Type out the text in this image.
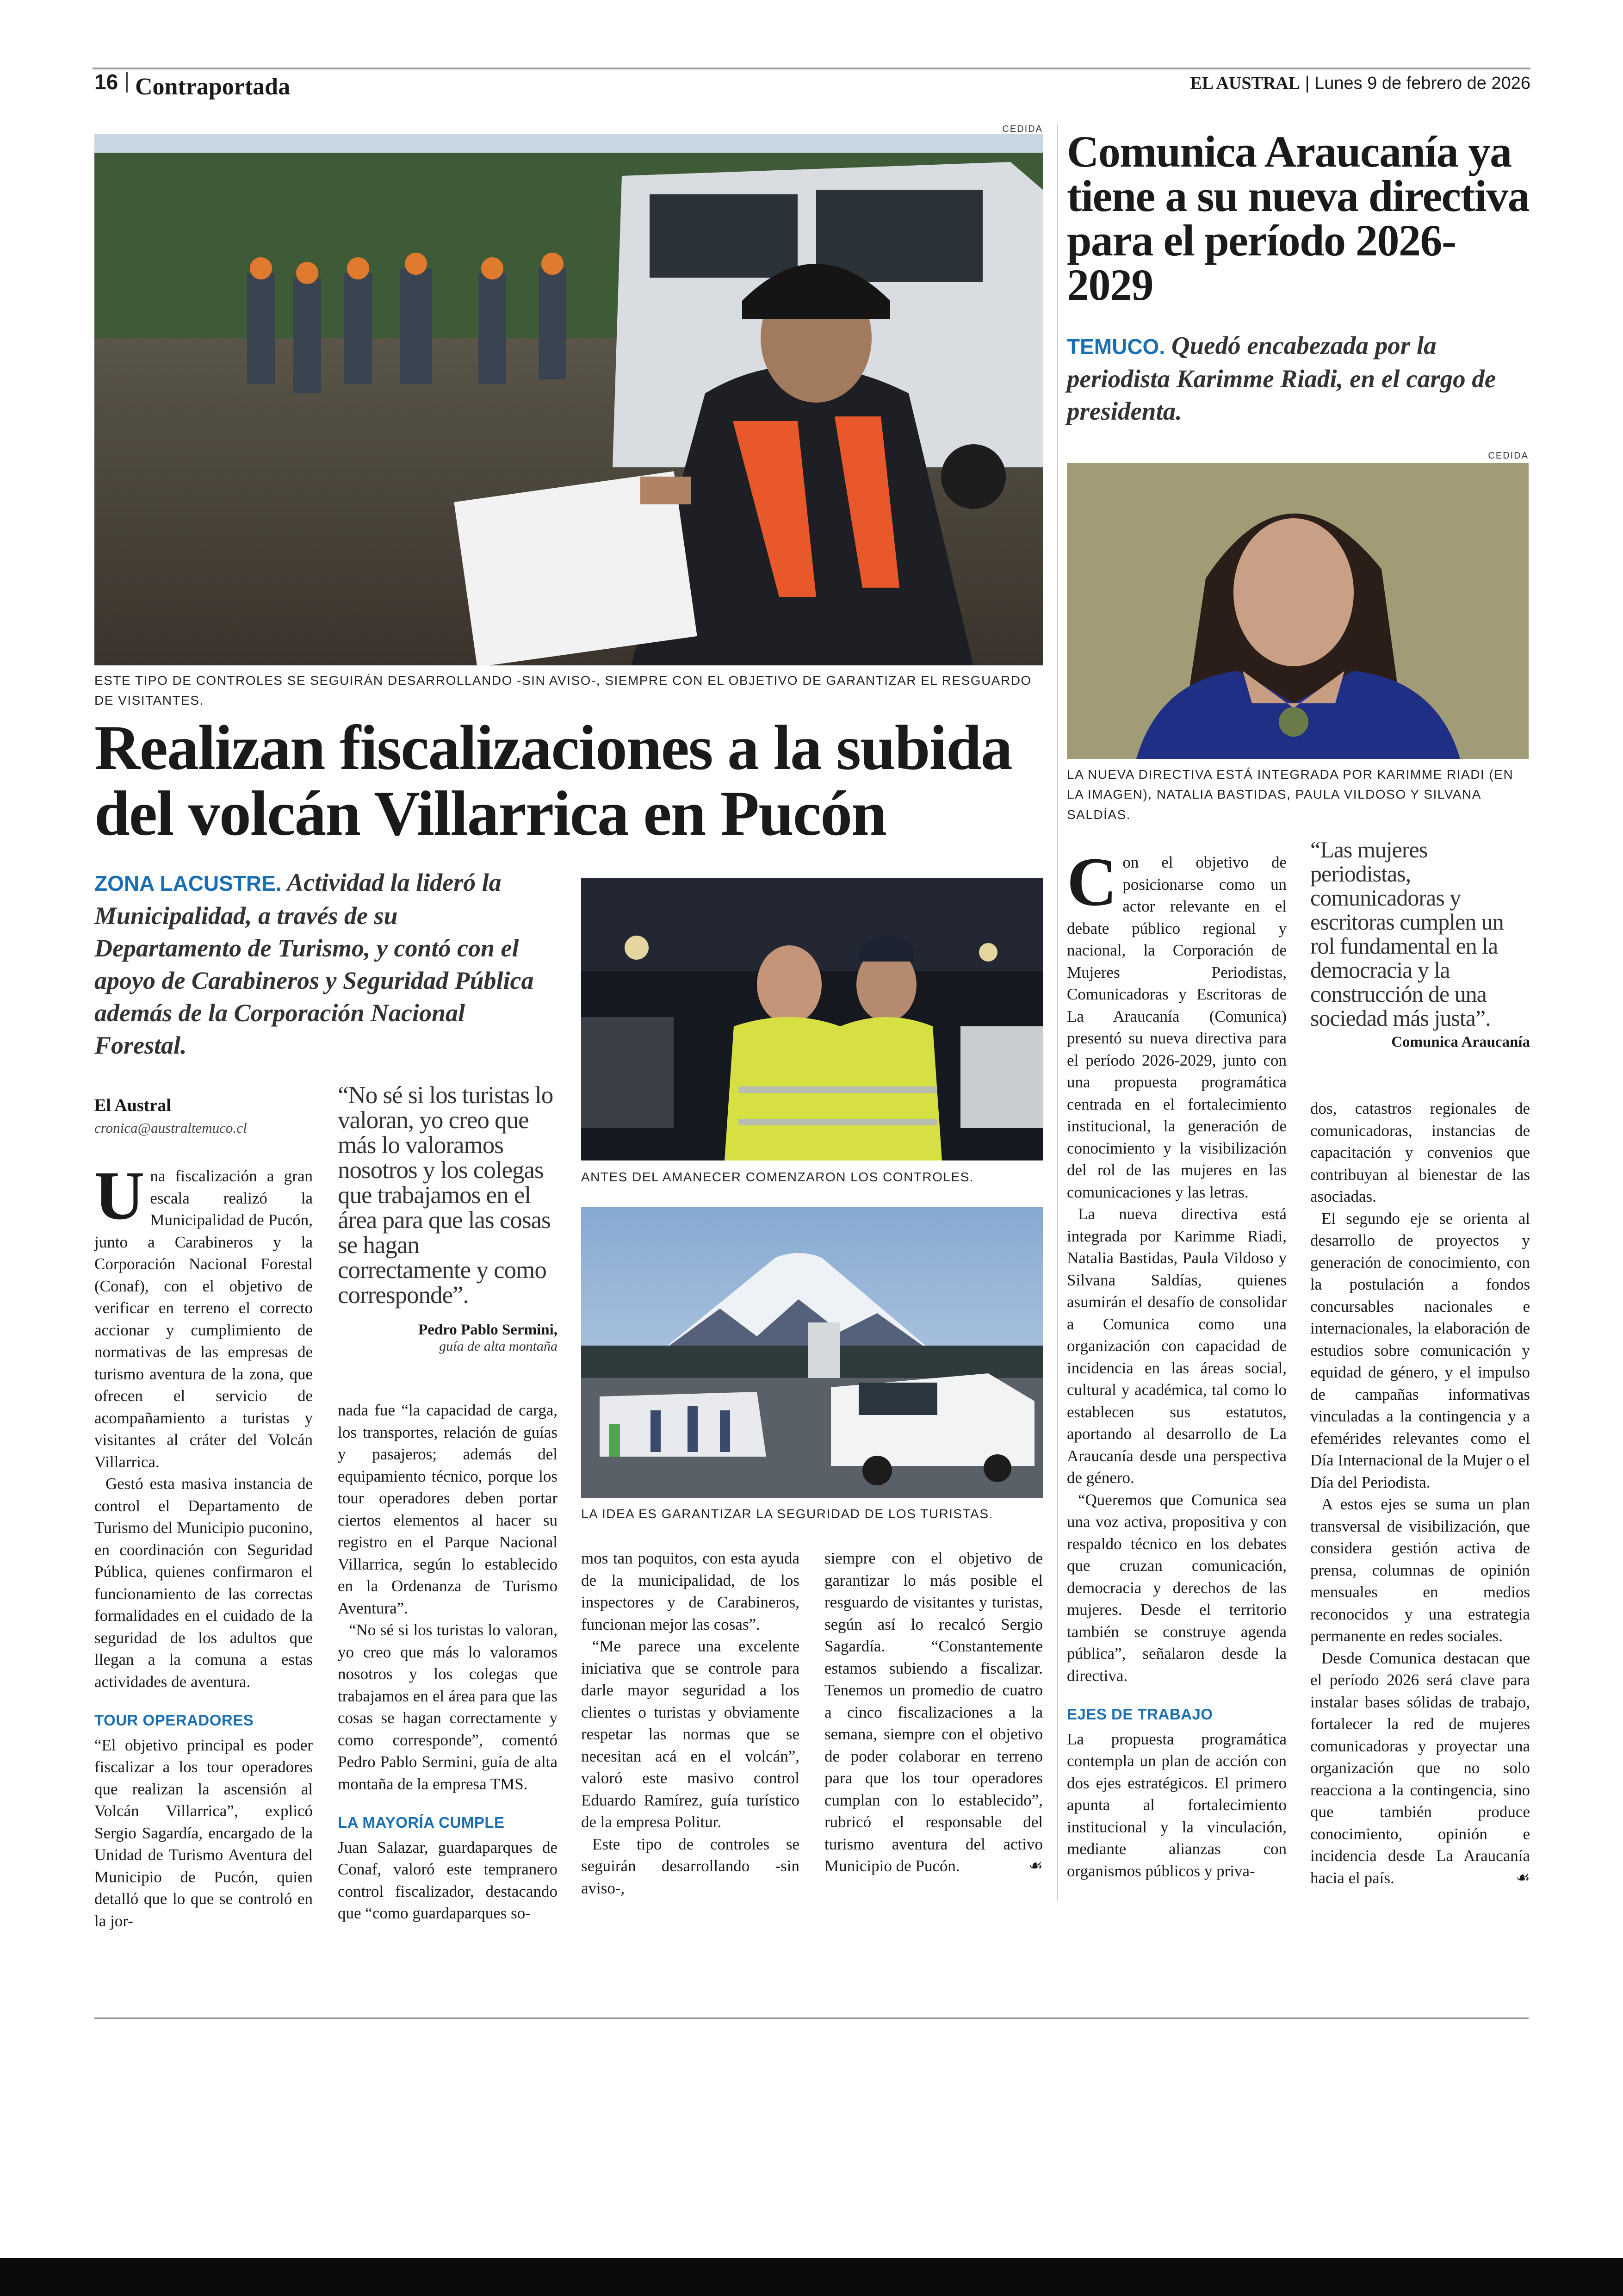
16 Contraportada	EL AUSTRAL | Lunes 9 de febrero de 2026
CEDIDA
ESTE TIPO DE CONTROLES SE SEGUIRÁN DESARROLLANDO -SIN AVISO-, SIEMPRE CON EL OBJETIVO DE GARANTIZAR EL RESGUARDO DE VISITANTES.
Realizan fiscalizaciones a la subida del volcán Villarrica en Pucón
ZONA LACUSTRE. Actividad la lideró la Municipalidad, a través de su Departamento de Turismo, y contó con el apoyo de Carabineros y Seguridad Pública además de la Corporación Nacional Forestal.
El Austral
cronica@australtemuco.cl

Una fiscalización a gran escala realizó la Municipalidad de Pucón, junto a Carabineros y la Corporación Nacional Forestal (Conaf), con el objetivo de verificar en terreno el correcto accionar y cumplimiento de normativas de las empresas de turismo aventura de la zona, que ofrecen el servicio de acompañamiento a turistas y visitantes al cráter del Volcán Villarrica.

Gestó esta masiva instancia de control el Departamento de Turismo del Municipio puconino, en coordinación con Seguridad Pública, quienes confirmaron el funcionamiento de las correctas formalidades en el cuidado de la seguridad de los adultos que llegan a la comuna a estas actividades de aventura.

TOUR OPERADORES

“El objetivo principal es poder fiscalizar a los tour operadores que realizan la ascensión al Volcán Villarrica”, explicó Sergio Sagardía, encargado de la Unidad de Turismo Aventura del Municipio de Pucón, quien detalló que lo que se controló en la jor-

“No sé si los turistas lo valoran, yo creo que más lo valoramos nosotros y los colegas que trabajamos en el área para que las cosas se hagan correctamente y como corresponde”.
Pedro Pablo Sermini,
guía de alta montaña

nada fue “la capacidad de carga, los transportes, relación de guías y pasajeros; además del equipamiento técnico, porque los tour operadores deben portar ciertos elementos al hacer su registro en el Parque Nacional Villarrica, según lo establecido en la Ordenanza de Turismo Aventura”.

“No sé si los turistas lo valoran, yo creo que más lo valoramos nosotros y los colegas que trabajamos en el área para que las cosas se hagan correctamente y como corresponde”, comentó Pedro Pablo Sermini, guía de alta montaña de la empresa TMS.

LA MAYORÍA CUMPLE

Juan Salazar, guardaparques de Conaf, valoró este tempranero control fiscalizador, destacando que “como guardaparques so-

ANTES DEL AMANECER COMENZARON LOS CONTROLES.
LA IDEA ES GARANTIZAR LA SEGURIDAD DE LOS TURISTAS.

mos tan poquitos, con esta ayuda de la municipalidad, de los inspectores y de Carabineros, funcionan mejor las cosas”.

“Me parece una excelente iniciativa que se controle para darle mayor seguridad a los clientes o turistas y obviamente respetar las normas que se necesitan acá en el volcán”, valoró este masivo control Eduardo Ramírez, guía turístico de la empresa Politur.

Este tipo de controles se seguirán desarrollando -sin aviso-,

siempre con el objetivo de garantizar lo más posible el resguardo de visitantes y turistas, según así lo recalcó Sergio Sagardía. “Constantemente estamos subiendo a fiscalizar. Tenemos un promedio de cuatro a cinco fiscalizaciones a la semana, siempre con el objetivo de poder colaborar en terreno para que los tour operadores cumplan con lo establecido”, rubricó el responsable del turismo aventura del activo Municipio de Pucón.	☙

Comunica Araucanía ya tiene a su nueva directiva para el período 2026-2029
TEMUCO. Quedó encabezada por la periodista Karimme Riadi, en el cargo de presidenta.
CEDIDA
LA NUEVA DIRECTIVA ESTÁ INTEGRADA POR KARIMME RIADI (EN LA IMAGEN), NATALIA BASTIDAS, PAULA VILDOSO Y SILVANA SALDÍAS.

Con el objetivo de posicionarse como un actor relevante en el debate público regional y nacional, la Corporación de Mujeres Periodistas, Comunicadoras y Escritoras de La Araucanía (Comunica) presentó su nueva directiva para el período 2026-2029, junto con una propuesta programática centrada en el fortalecimiento institucional, la generación de conocimiento y la visibilización del rol de las mujeres en las comunicaciones y las letras.

La nueva directiva está integrada por Karimme Riadi, Natalia Bastidas, Paula Vildoso y Silvana Saldías, quienes asumirán el desafío de consolidar a Comunica como una organización con capacidad de incidencia en las áreas social, cultural y académica, tal como lo establecen sus estatutos, aportando al desarrollo de La Araucanía desde una perspectiva de género.

“Queremos que Comunica sea una voz activa, propositiva y con respaldo técnico en los debates que cruzan comunicación, democracia y derechos de las mujeres. Desde el territorio también se construye agenda pública”, señalaron desde la directiva.

EJES DE TRABAJO

La propuesta programática contempla un plan de acción con dos ejes estratégicos. El primero apunta al fortalecimiento institucional y la vinculación, mediante alianzas con organismos públicos y priva-

“Las mujeres periodistas, comunicadoras y escritoras cumplen un rol fundamental en la democracia y la construcción de una sociedad más justa”.
Comunica Araucanía

dos, catastros regionales de comunicadoras, instancias de capacitación y convenios que contribuyan al bienestar de las asociadas.

El segundo eje se orienta al desarrollo de proyectos y generación de conocimiento, con la postulación a fondos concursables nacionales e internacionales, la elaboración de estudios sobre comunicación y equidad de género, y el impulso de campañas informativas vinculadas a la contingencia y a efemérides relevantes como el Día Internacional de la Mujer o el Día del Periodista.

A estos ejes se suma un plan transversal de visibilización, que considera gestión activa de prensa, columnas de opinión mensuales en medios reconocidos y una estrategia permanente en redes sociales.

Desde Comunica destacan que el período 2026 será clave para instalar bases sólidas de trabajo, fortalecer la red de mujeres comunicadoras y proyectar una organización que no solo reacciona a la contingencia, sino que también produce conocimiento, opinión e incidencia desde La Araucanía hacia el país.	☙
